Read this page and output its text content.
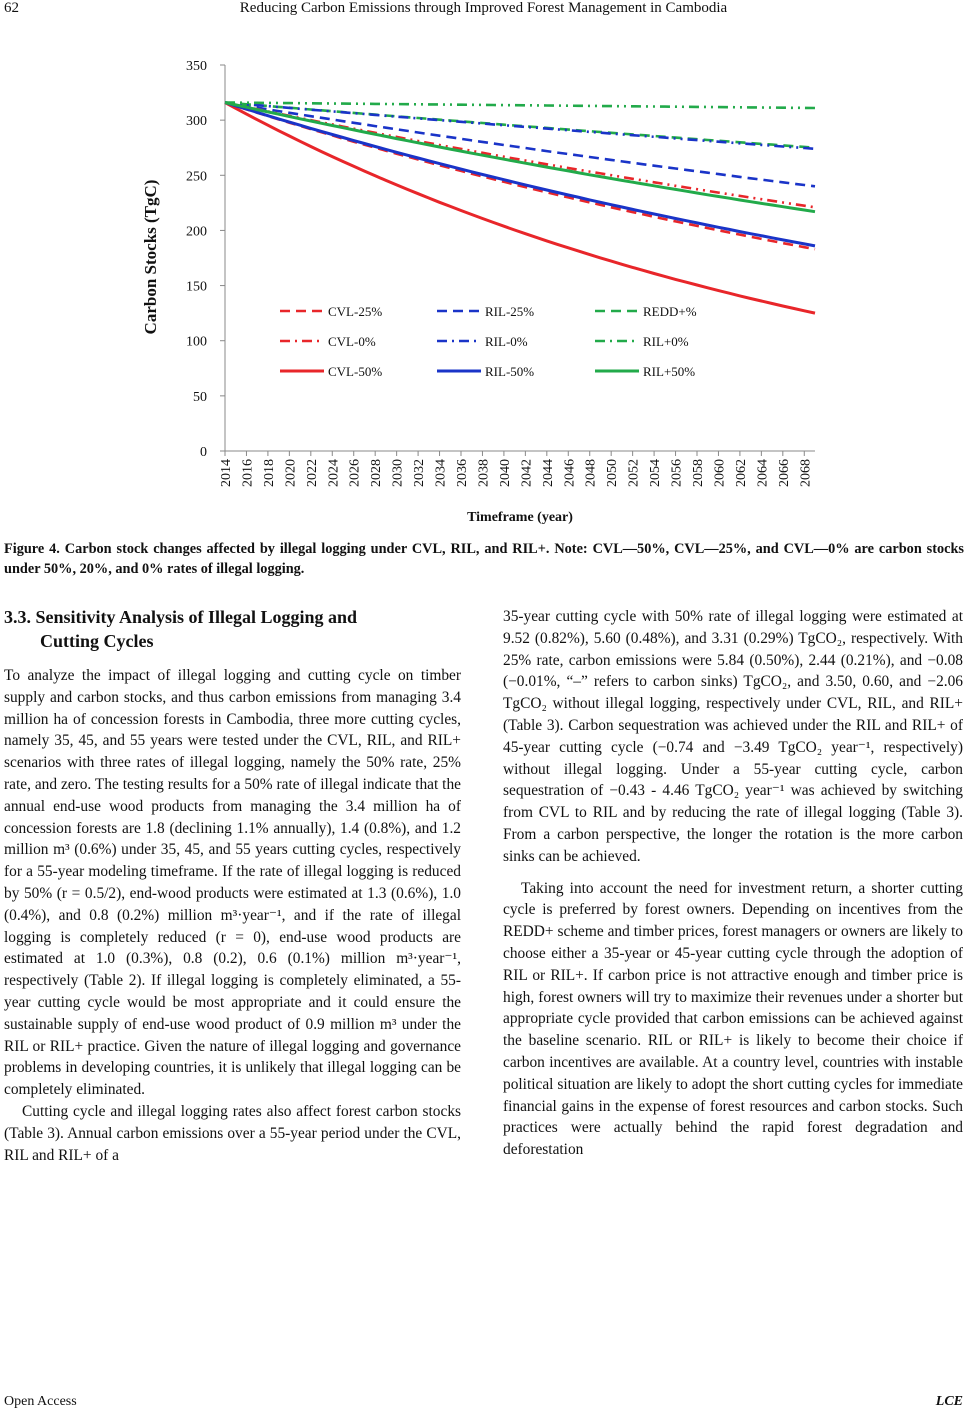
62	Reducing Carbon Emissions through Improved Forest Management in Cambodia
0
50
100
150
200
250
300
350
2014 2016 2018 2020 2022 2024 2026 2028 2030 2032 2034 2036 2038 2040 2042 2044 2046 2048 2050 2052 2054 2056 2058 2060 2062 2064 2066 2068
CVL-25%	RIL-25%	REDD+%
CVL-0%	RIL-0%	RIL+0%
CVL-50%	RIL-50%	RIL+50%
Carbon Stocks (TgC)
Timeframe (year)
Figure 4. Carbon stock changes affected by illegal logging under CVL, RIL, and RIL+. Note: CVL—50%, CVL—25%, and CVL—0% are carbon stocks under 50%, 20%, and 0% rates of illegal logging.
3.3. Sensitivity Analysis of Illegal Logging and
Cutting Cycles

To analyze the impact of illegal logging and cutting cycle on timber supply and carbon stocks, and thus carbon emissions from managing 3.4 million ha of concession forests in Cambodia, three more cutting cycles, namely 35, 45, and 55 years were tested under the CVL, RIL, and RIL+ scenarios with three rates of illegal logging, namely the 50% rate, 25% rate, and zero. The testing results for a 50% rate of illegal indicate that the annual end-use wood products from managing the 3.4 million ha of concession forests are 1.8 (declining 1.1% annually), 1.4 (0.8%), and 1.2 million m³ (0.6%) under 35, 45, and 55 years cutting cycles, respectively for a 55-year modeling timeframe. If the rate of illegal logging is reduced by 50% (r = 0.5/2), end-wood products were estimated at 1.3 (0.6%), 1.0 (0.4%), and 0.8 (0.2%) million m³·year⁻¹, and if the rate of illegal logging is completely reduced (r = 0), end-use wood products are estimated at 1.0 (0.3%), 0.8 (0.2), 0.6 (0.1%) million m³·year⁻¹, respectively (Table 2). If illegal logging is completely eliminated, a 55-year cutting cycle would be most appropriate and it could ensure the sustainable supply of end-use wood product of 0.9 million m³ under the RIL or RIL+ practice. Given the nature of illegal logging and governance problems in developing countries, it is unlikely that illegal logging can be completely eliminated.

Cutting cycle and illegal logging rates also affect forest carbon stocks (Table 3). Annual carbon emissions over a 55-year period under the CVL, RIL and RIL+ of a

35-year cutting cycle with 50% rate of illegal logging were estimated at 9.52 (0.82%), 5.60 (0.48%), and 3.31 (0.29%) TgCO₂, respectively. With 25% rate, carbon emissions were 5.84 (0.50%), 2.44 (0.21%), and −0.08 (−0.01%, “–” refers to carbon sinks) TgCO₂, and 3.50, 0.60, and −2.06 TgCO₂ without illegal logging, respectively under CVL, RIL, and RIL+ (Table 3). Carbon sequestration was achieved under the RIL and RIL+ of 45-year cutting cycle (−0.74 and −3.49 TgCO₂ year⁻¹, respectively) without illegal logging. Under a 55-year cutting cycle, carbon sequestration of −0.43 - 4.46 TgCO₂ year⁻¹ was achieved by switching from CVL to RIL and by reducing the rate of illegal logging (Table 3). From a carbon perspective, the longer the rotation is the more carbon sinks can be achieved.

Taking into account the need for investment return, a shorter cutting cycle is preferred by forest owners. Depending on incentives from the REDD+ scheme and timber prices, forest managers or owners are likely to choose either a 35-year or 45-year cutting cycle through the adoption of RIL or RIL+. If carbon price is not attractive enough and timber price is high, forest owners will try to maximize their revenues under a shorter but appropriate cycle provided that carbon emissions can be achieved against the baseline scenario. RIL or RIL+ is likely to become their choice if carbon incentives are available. At a country level, countries with instable political situation are likely to adopt the short cutting cycles for immediate financial gains in the expense of forest resources and carbon stocks. Such practices were actually behind the rapid forest degradation and deforestation

Open Access	LCE
